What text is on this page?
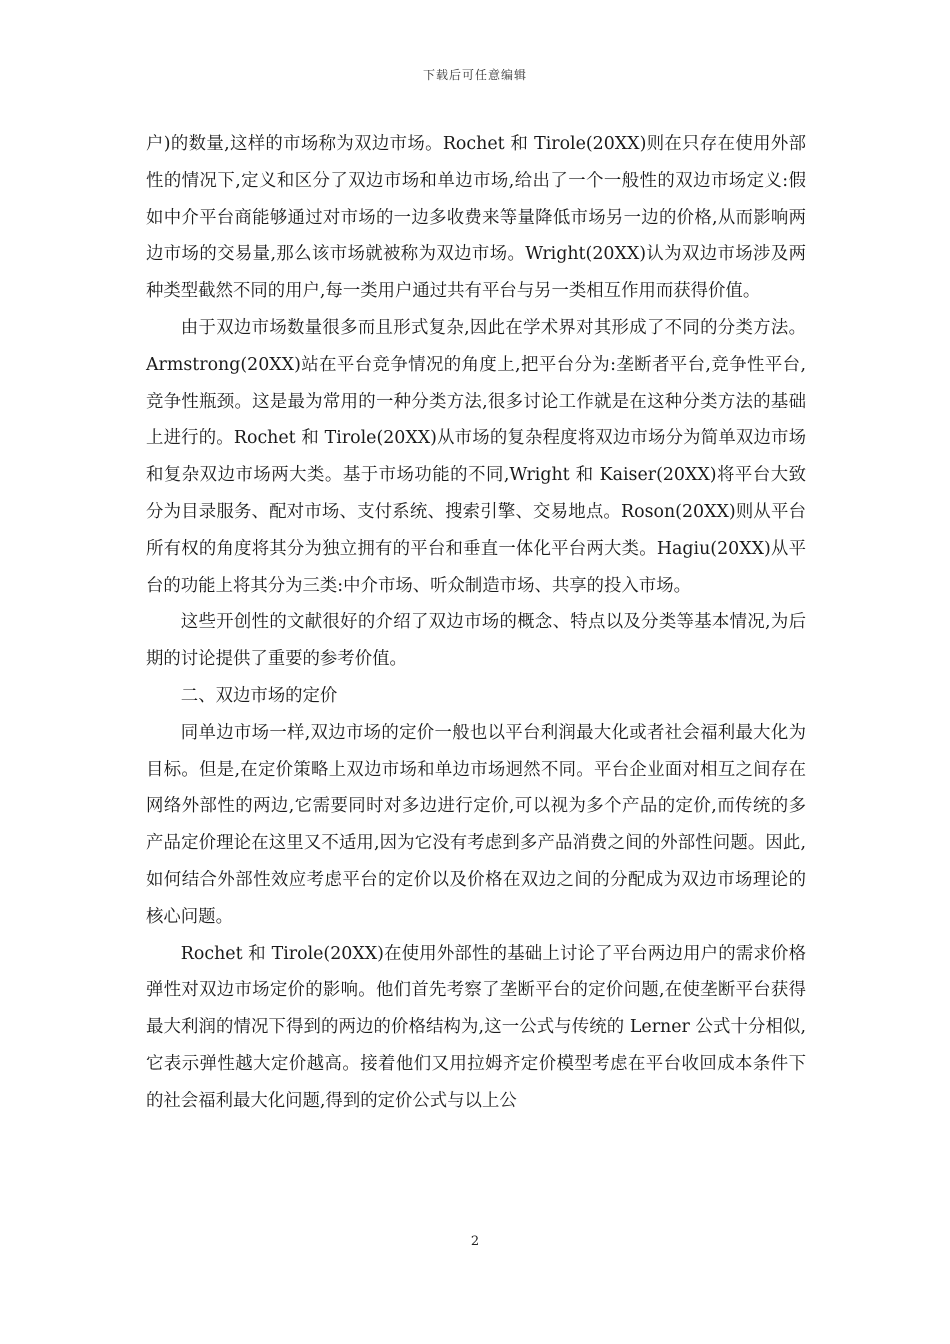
下载后可任意编辑

户)的数量,这样的市场称为双边市场。Rochet 和 Tirole(20XX)则在只存在使用外部性的情况下,定义和区分了双边市场和单边市场,给出了一个一般性的双边市场定义:假如中介平台商能够通过对市场的一边多收费来等量降低市场另一边的价格,从而影响两边市场的交易量,那么该市场就被称为双边市场。Wright(20XX)认为双边市场涉及两种类型截然不同的用户,每一类用户通过共有平台与另一类相互作用而获得价值。

由于双边市场数量很多而且形式复杂,因此在学术界对其形成了不同的分类方法。Armstrong(20XX)站在平台竞争情况的角度上,把平台分为:垄断者平台,竞争性平台,竞争性瓶颈。这是最为常用的一种分类方法,很多讨论工作就是在这种分类方法的基础上进行的。Rochet 和 Tirole(20XX)从市场的复杂程度将双边市场分为简单双边市场和复杂双边市场两大类。基于市场功能的不同,Wright 和 Kaiser(20XX)将平台大致分为目录服务、配对市场、支付系统、搜索引擎、交易地点。Roson(20XX)则从平台所有权的角度将其分为独立拥有的平台和垂直一体化平台两大类。Hagiu(20XX)从平台的功能上将其分为三类:中介市场、听众制造市场、共享的投入市场。

这些开创性的文献很好的介绍了双边市场的概念、特点以及分类等基本情况,为后期的讨论提供了重要的参考价值。

二、双边市场的定价

同单边市场一样,双边市场的定价一般也以平台利润最大化或者社会福利最大化为目标。但是,在定价策略上双边市场和单边市场迥然不同。平台企业面对相互之间存在网络外部性的两边,它需要同时对多边进行定价,可以视为多个产品的定价,而传统的多产品定价理论在这里又不适用,因为它没有考虑到多产品消费之间的外部性问题。因此,如何结合外部性效应考虑平台的定价以及价格在双边之间的分配成为双边市场理论的核心问题。

Rochet 和 Tirole(20XX)在使用外部性的基础上讨论了平台两边用户的需求价格弹性对双边市场定价的影响。他们首先考察了垄断平台的定价问题,在使垄断平台获得最大利润的情况下得到的两边的价格结构为,这一公式与传统的 Lerner 公式十分相似,它表示弹性越大定价越高。接着他们又用拉姆齐定价模型考虑在平台收回成本条件下的社会福利最大化问题,得到的定价公式与以上公

2
